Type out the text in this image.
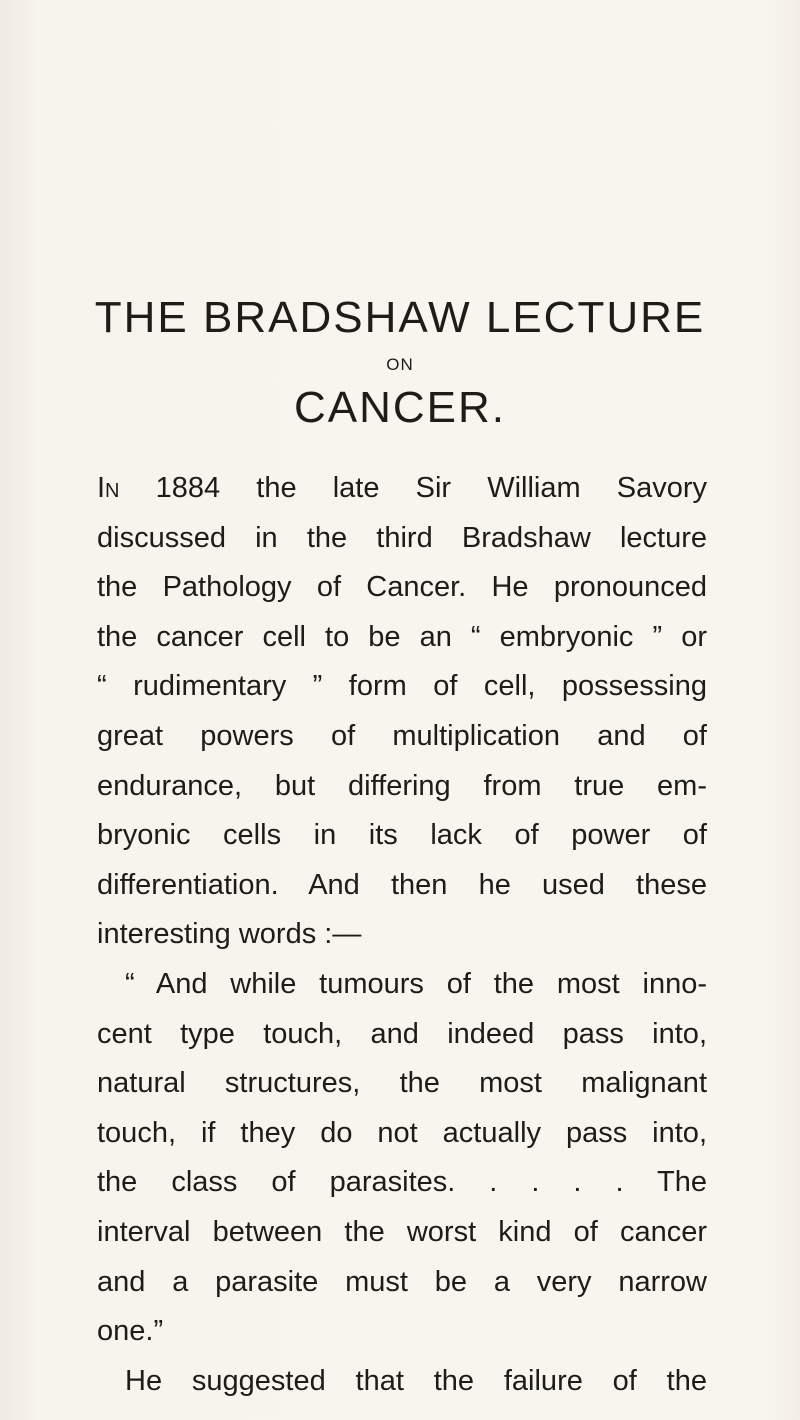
THE BRADSHAW LECTURE
ON
CANCER.
In 1884 the late Sir William Savory
discussed in the third Bradshaw lecture
the Pathology of Cancer. He pronounced
the cancer cell to be an “ embryonic ” or
“ rudimentary ” form of cell, possessing
great powers of multiplication and of
endurance, but differing from true em-
bryonic cells in its lack of power of
differentiation. And then he used these
interesting words :—
“ And while tumours of the most inno-
cent type touch, and indeed pass into,
natural structures, the most malignant
touch, if they do not actually pass into,
the class of parasites. . . . . The
interval between the worst kind of cancer
and a parasite must be a very narrow
one.”
He suggested that the failure of the
